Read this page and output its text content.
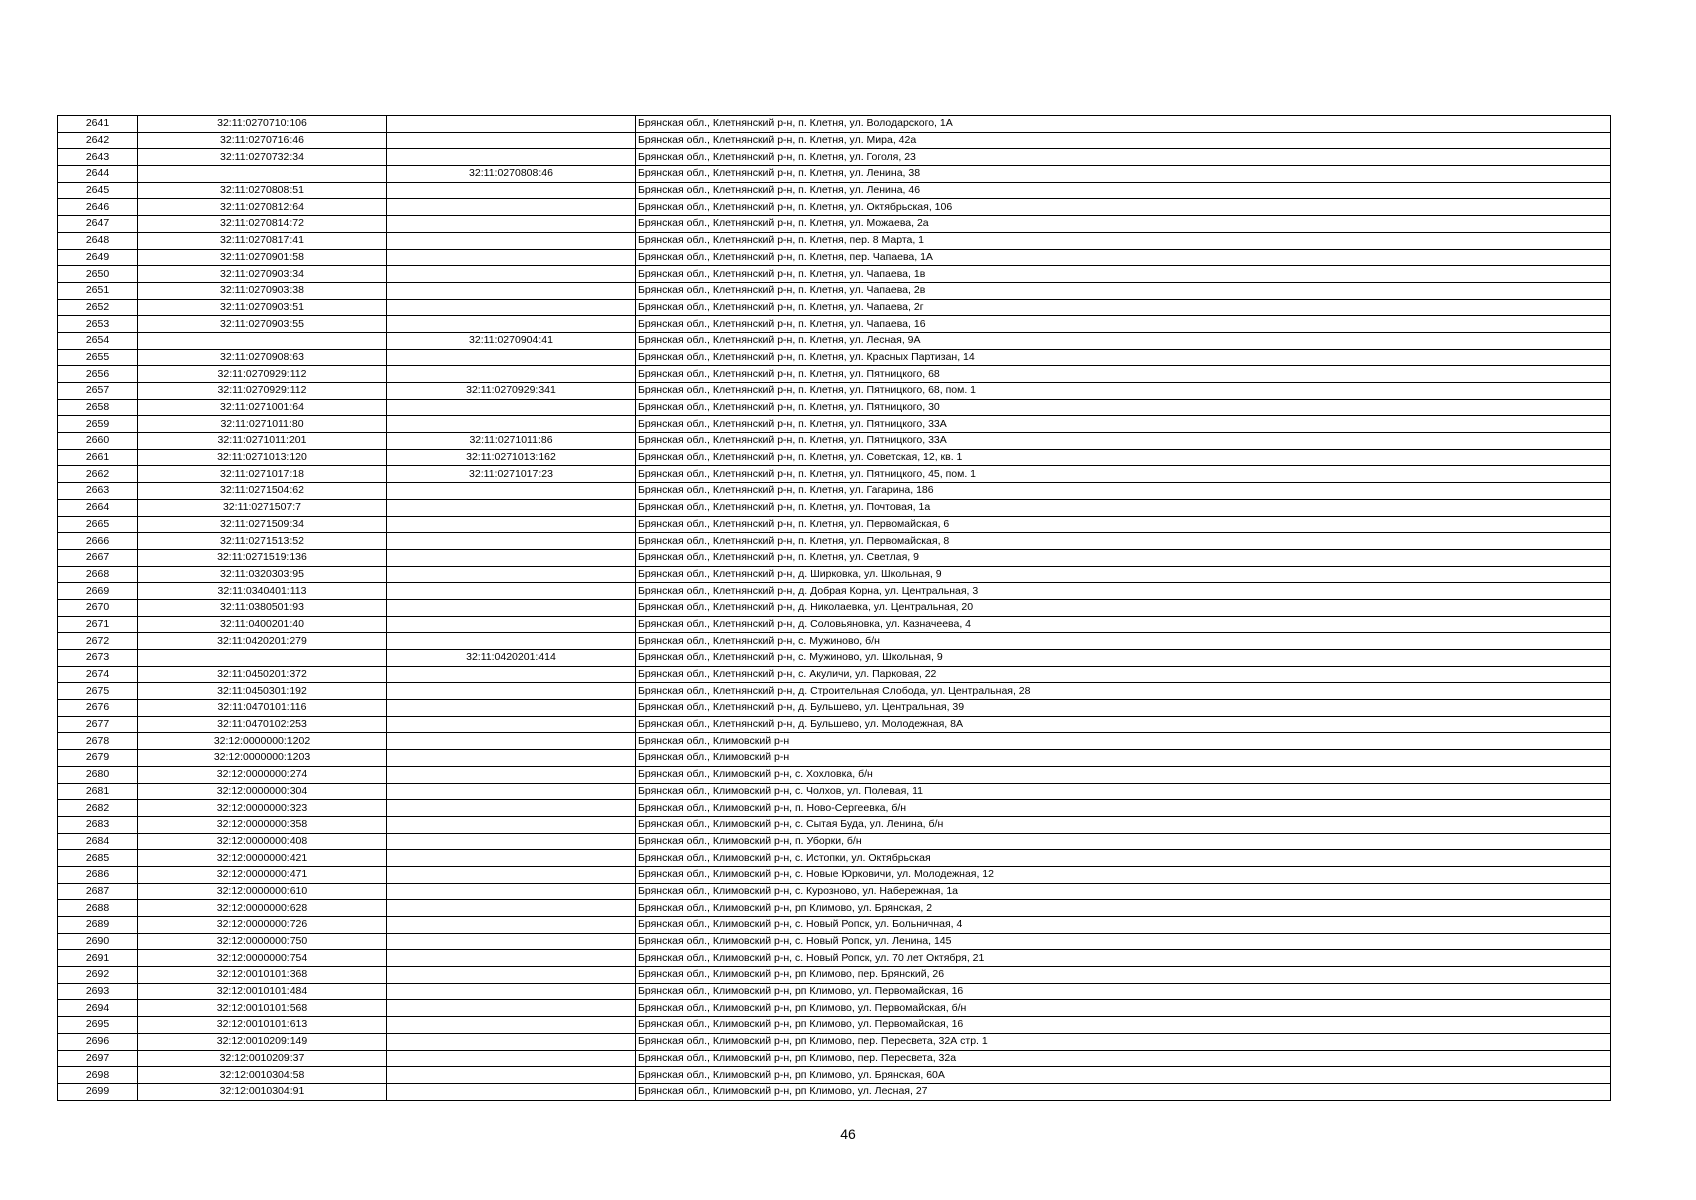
2641	32:11:0270710:106		Брянская обл., Клетнянский р-н, п. Клетня, ул. Володарского, 1А
2642	32:11:0270716:46		Брянская обл., Клетнянский р-н, п. Клетня, ул. Мира, 42а
2643	32:11:0270732:34		Брянская обл., Клетнянский р-н, п. Клетня, ул. Гоголя, 23
2644		32:11:0270808:46	Брянская обл., Клетнянский р-н, п. Клетня, ул. Ленина, 38
2645	32:11:0270808:51		Брянская обл., Клетнянский р-н, п. Клетня, ул. Ленина, 46
2646	32:11:0270812:64		Брянская обл., Клетнянский р-н, п. Клетня, ул. Октябрьская, 106
2647	32:11:0270814:72		Брянская обл., Клетнянский р-н, п. Клетня, ул. Можаева, 2а
2648	32:11:0270817:41		Брянская обл., Клетнянский р-н, п. Клетня, пер. 8 Марта, 1
2649	32:11:0270901:58		Брянская обл., Клетнянский р-н, п. Клетня, пер. Чапаева, 1А
2650	32:11:0270903:34		Брянская обл., Клетнянский р-н, п. Клетня, ул. Чапаева, 1в
2651	32:11:0270903:38		Брянская обл., Клетнянский р-н, п. Клетня, ул. Чапаева, 2в
2652	32:11:0270903:51		Брянская обл., Клетнянский р-н, п. Клетня, ул. Чапаева, 2г
2653	32:11:0270903:55		Брянская обл., Клетнянский р-н, п. Клетня, ул. Чапаева, 16
2654		32:11:0270904:41	Брянская обл., Клетнянский р-н, п. Клетня, ул. Лесная, 9А
2655	32:11:0270908:63		Брянская обл., Клетнянский р-н, п. Клетня, ул. Красных Партизан, 14
2656	32:11:0270929:112		Брянская обл., Клетнянский р-н, п. Клетня, ул. Пятницкого, 68
2657	32:11:0270929:112	32:11:0270929:341	Брянская обл., Клетнянский р-н, п. Клетня, ул. Пятницкого, 68, пом. 1
2658	32:11:0271001:64		Брянская обл., Клетнянский р-н, п. Клетня, ул. Пятницкого, 30
2659	32:11:0271011:80		Брянская обл., Клетнянский р-н, п. Клетня, ул. Пятницкого, 33А
2660	32:11:0271011:201	32:11:0271011:86	Брянская обл., Клетнянский р-н, п. Клетня, ул. Пятницкого, 33А
2661	32:11:0271013:120	32:11:0271013:162	Брянская обл., Клетнянский р-н, п. Клетня, ул. Советская, 12, кв. 1
2662	32:11:0271017:18	32:11:0271017:23	Брянская обл., Клетнянский р-н, п. Клетня, ул. Пятницкого, 45, пом. 1
2663	32:11:0271504:62		Брянская обл., Клетнянский р-н, п. Клетня, ул. Гагарина, 186
2664	32:11:0271507:7		Брянская обл., Клетнянский р-н, п. Клетня, ул. Почтовая, 1а
2665	32:11:0271509:34		Брянская обл., Клетнянский р-н, п. Клетня, ул. Первомайская, 6
2666	32:11:0271513:52		Брянская обл., Клетнянский р-н, п. Клетня, ул. Первомайская, 8
2667	32:11:0271519:136		Брянская обл., Клетнянский р-н, п. Клетня, ул. Светлая, 9
2668	32:11:0320303:95		Брянская обл., Клетнянский р-н, д. Ширковка, ул. Школьная, 9
2669	32:11:0340401:113		Брянская обл., Клетнянский р-н, д. Добрая Корна, ул. Центральная, 3
2670	32:11:0380501:93		Брянская обл., Клетнянский р-н, д. Николаевка, ул. Центральная, 20
2671	32:11:0400201:40		Брянская обл., Клетнянский р-н, д. Соловьяновка, ул. Казначеева, 4
2672	32:11:0420201:279		Брянская обл., Клетнянский р-н, с. Мужиново, б/н
2673		32:11:0420201:414	Брянская обл., Клетнянский р-н, с. Мужиново, ул. Школьная, 9
2674	32:11:0450201:372		Брянская обл., Клетнянский р-н, с. Акуличи, ул. Парковая, 22
2675	32:11:0450301:192		Брянская обл., Клетнянский р-н, д. Строительная Слобода, ул. Центральная, 28
2676	32:11:0470101:116		Брянская обл., Клетнянский р-н, д. Бульшево, ул. Центральная, 39
2677	32:11:0470102:253		Брянская обл., Клетнянский р-н, д. Бульшево, ул. Молодежная, 8А
2678	32:12:0000000:1202		Брянская обл., Климовский р-н
2679	32:12:0000000:1203		Брянская обл., Климовский р-н
2680	32:12:0000000:274		Брянская обл., Климовский р-н, с. Хохловка, б/н
2681	32:12:0000000:304		Брянская обл., Климовский р-н, с. Чолхов, ул. Полевая, 11
2682	32:12:0000000:323		Брянская обл., Климовский р-н, п. Ново-Сергеевка, б/н
2683	32:12:0000000:358		Брянская обл., Климовский р-н, с. Сытая Буда, ул. Ленина, б/н
2684	32:12:0000000:408		Брянская обл., Климовский р-н, п. Уборки, б/н
2685	32:12:0000000:421		Брянская обл., Климовский р-н, с. Истопки, ул. Октябрьская
2686	32:12:0000000:471		Брянская обл., Климовский р-н, с. Новые Юрковичи, ул. Молодежная, 12
2687	32:12:0000000:610		Брянская обл., Климовский р-н, с. Курозново, ул. Набережная, 1а
2688	32:12:0000000:628		Брянская обл., Климовский р-н, рп Климово, ул. Брянская, 2
2689	32:12:0000000:726		Брянская обл., Климовский р-н, с. Новый Ропск, ул. Больничная, 4
2690	32:12:0000000:750		Брянская обл., Климовский р-н, с. Новый Ропск, ул. Ленина, 145
2691	32:12:0000000:754		Брянская обл., Климовский р-н, с. Новый Ропск, ул. 70 лет Октября, 21
2692	32:12:0010101:368		Брянская обл., Климовский р-н, рп Климово, пер. Брянский, 26
2693	32:12:0010101:484		Брянская обл., Климовский р-н, рп Климово, ул. Первомайская, 16
2694	32:12:0010101:568		Брянская обл., Климовский р-н, рп Климово, ул. Первомайская, б/н
2695	32:12:0010101:613		Брянская обл., Климовский р-н, рп Климово, ул. Первомайская, 16
2696	32:12:0010209:149		Брянская обл., Климовский р-н, рп Климово, пер. Пересвета, 32А стр. 1
2697	32:12:0010209:37		Брянская обл., Климовский р-н, рп Климово, пер. Пересвета, 32а
2698	32:12:0010304:58		Брянская обл., Климовский р-н, рп Климово, ул. Брянская, 60А
2699	32:12:0010304:91		Брянская обл., Климовский р-н, рп Климово, ул. Лесная, 27
46
